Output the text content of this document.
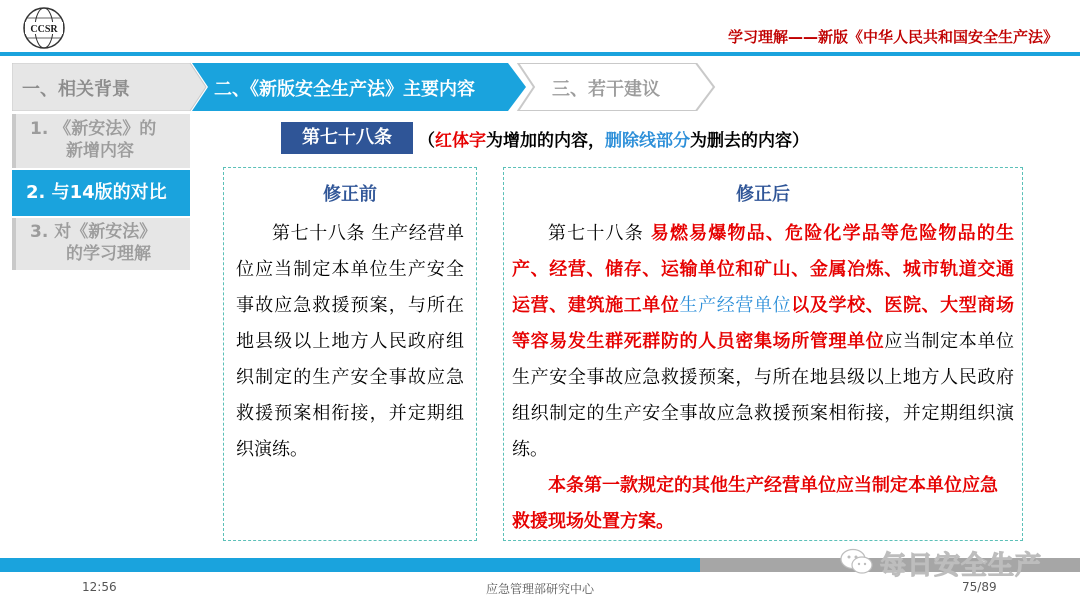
CCSR	学习理解——新版《中华人民共和国安全生产法》
一、相关背景	二、《新版安全生产法》主要内容	三、若干建议
1. 《新安法》的
新增内容
2. 与14版的对比
3. 对《新安法》
的学习理解
第七十八条	（红体字为增加的内容，删除线部分为删去的内容）
修正前
第七十八条 生产经营单位应当制定本单位生产安全事故应急救援预案，与所在地县级以上地方人民政府组织制定的生产安全事故应急救援预案相衔接，并定期组织演练。
修正后
第七十八条 易燃易爆物品、危险化学品等危险物品的生产、经营、储存、运输单位和矿山、金属冶炼、城市轨道交通运营、建筑施工单位生产经营单位以及学校、医院、大型商场等容易发生群死群防的人员密集场所管理单位应当制定本单位生产安全事故应急救援预案，与所在地县级以上地方人民政府组织制定的生产安全事故应急救援预案相衔接，并定期组织演练。
本条第一款规定的其他生产经营单位应当制定本单位应急救援现场处置方案。
12:56	应急管理部研究中心	75/89
每日安全生产
